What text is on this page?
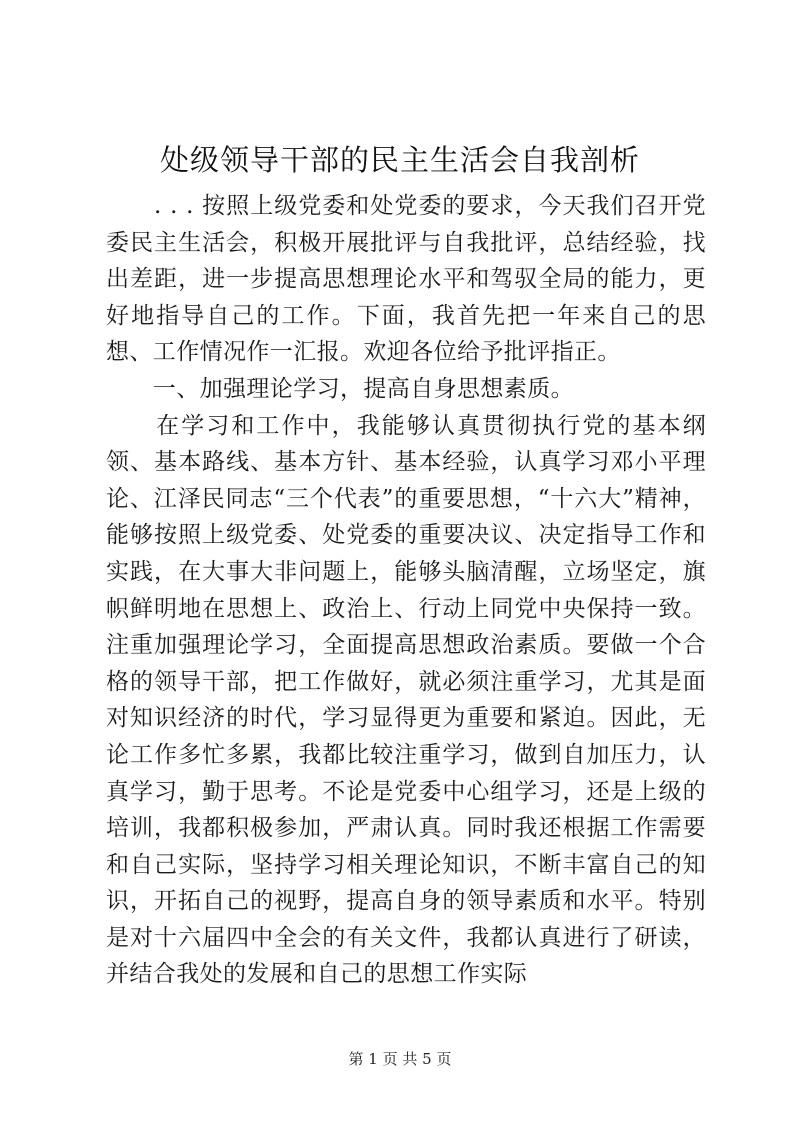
处级领导干部的民主生活会自我剖析

　　. . . 按照上级党委和处党委的要求，今天我们召开党委民主生活会，积极开展批评与自我批评，总结经验，找出差距，进一步提高思想理论水平和驾驭全局的能力，更好地指导自己的工作。下面，我首先把一年来自己的思想、工作情况作一汇报。欢迎各位给予批评指正。

　　一、加强理论学习，提高自身思想素质。

　　在学习和工作中，我能够认真贯彻执行党的基本纲领、基本路线、基本方针、基本经验，认真学习邓小平理论、江泽民同志“三个代表”的重要思想，“十六大”精神，能够按照上级党委、处党委的重要决议、决定指导工作和实践，在大事大非问题上，能够头脑清醒，立场坚定，旗帜鲜明地在思想上、政治上、行动上同党中央保持一致。注重加强理论学习，全面提高思想政治素质。要做一个合格的领导干部，把工作做好，就必须注重学习，尤其是面对知识经济的时代，学习显得更为重要和紧迫。因此，无论工作多忙多累，我都比较注重学习，做到自加压力，认真学习，勤于思考。不论是党委中心组学习，还是上级的培训，我都积极参加，严肃认真。同时我还根据工作需要和自己实际，坚持学习相关理论知识，不断丰富自己的知识，开拓自己的视野，提高自身的领导素质和水平。特别是对十六届四中全会的有关文件，我都认真进行了研读，并结合我处的发展和自己的思想工作实际

第 1 页 共 5 页
